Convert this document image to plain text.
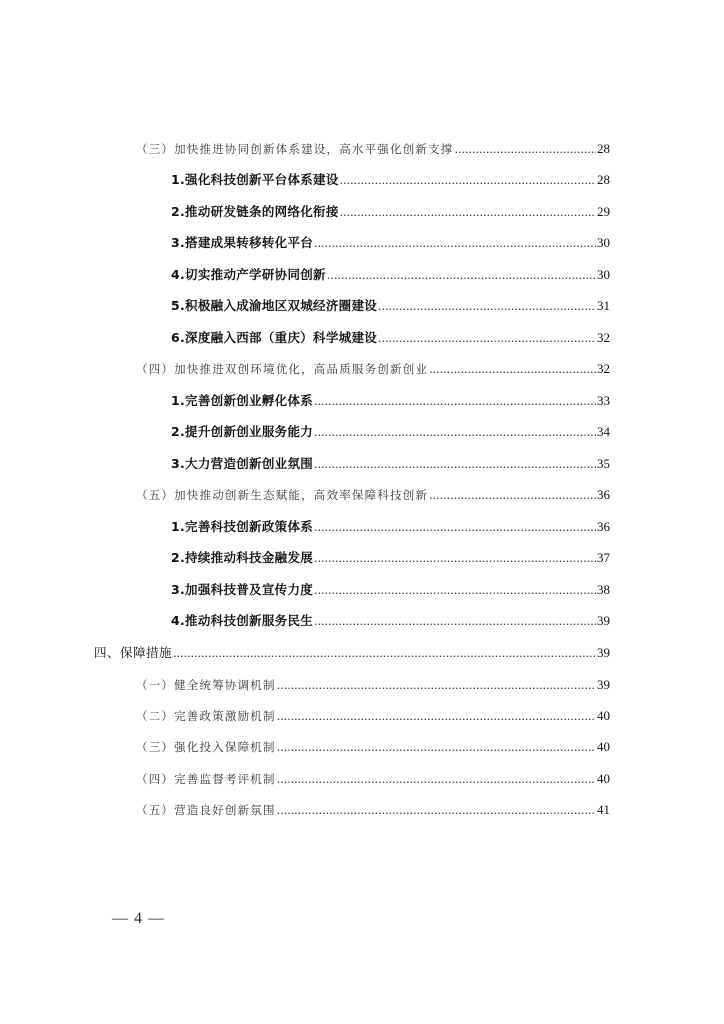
（三）加快推进协同创新体系建设，高水平强化创新支撑 .....	28
1.强化科技创新平台体系建设 .....	28
2.推动研发链条的网络化衔接 .....	29
3.搭建成果转移转化平台 .....	30
4.切实推动产学研协同创新 .....	30
5.积极融入成渝地区双城经济圈建设 .....	31
6.深度融入西部（重庆）科学城建设 .....	32
（四）加快推进双创环境优化，高品质服务创新创业 .....	32
1.完善创新创业孵化体系 .....	33
2.提升创新创业服务能力 .....	34
3.大力营造创新创业氛围 .....	35
（五）加快推动创新生态赋能，高效率保障科技创新 .....	36
1.完善科技创新政策体系 .....	36
2.持续推动科技金融发展 .....	37
3.加强科技普及宣传力度 .....	38
4.推动科技创新服务民生 .....	39
四、保障措施 .....	39
（一）健全统筹协调机制 .....	39
（二）完善政策激励机制 .....	40
（三）强化投入保障机制 .....	40
（四）完善监督考评机制 .....	40
（五）营造良好创新氛围 .....	41
— 4 —
